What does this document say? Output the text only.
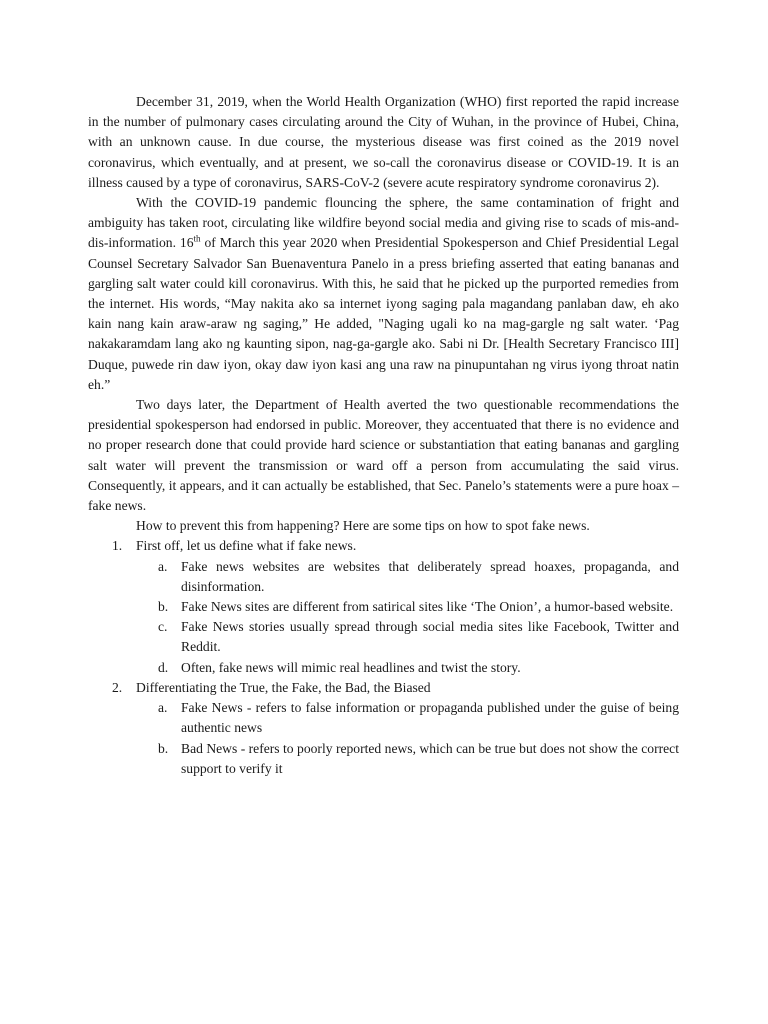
December 31, 2019, when the World Health Organization (WHO) first reported the rapid increase in the number of pulmonary cases circulating around the City of Wuhan, in the province of Hubei, China, with an unknown cause. In due course, the mysterious disease was first coined as the 2019 novel coronavirus, which eventually, and at present, we so-call the coronavirus disease or COVID-19. It is an illness caused by a type of coronavirus, SARS-CoV-2 (severe acute respiratory syndrome coronavirus 2).

With the COVID-19 pandemic flouncing the sphere, the same contamination of fright and ambiguity has taken root, circulating like wildfire beyond social media and giving rise to scads of mis-and-dis-information. 16th of March this year 2020 when Presidential Spokesperson and Chief Presidential Legal Counsel Secretary Salvador San Buenaventura Panelo in a press briefing asserted that eating bananas and gargling salt water could kill coronavirus. With this, he said that he picked up the purported remedies from the internet. His words, “May nakita ako sa internet iyong saging pala magandang panlaban daw, eh ako kain nang kain araw-araw ng saging,” He added, "Naging ugali ko na mag-gargle ng salt water. ‘Pag nakakaramdam lang ako ng kaunting sipon, nag-ga-gargle ako. Sabi ni Dr. [Health Secretary Francisco III] Duque, puwede rin daw iyon, okay daw iyon kasi ang una raw na pinupuntahan ng virus iyong throat natin eh.”

Two days later, the Department of Health averted the two questionable recommendations the presidential spokesperson had endorsed in public. Moreover, they accentuated that there is no evidence and no proper research done that could provide hard science or substantiation that eating bananas and gargling salt water will prevent the transmission or ward off a person from accumulating the said virus. Consequently, it appears, and it can actually be established, that Sec. Panelo’s statements were a pure hoax – fake news.

How to prevent this from happening? Here are some tips on how to spot fake news.

1. First off, let us define what if fake news.
a. Fake news websites are websites that deliberately spread hoaxes, propaganda, and disinformation.
b. Fake News sites are different from satirical sites like ‘The Onion’, a humor-based website.
c. Fake News stories usually spread through social media sites like Facebook, Twitter and Reddit.
d. Often, fake news will mimic real headlines and twist the story.
2. Differentiating the True, the Fake, the Bad, the Biased
a. Fake News - refers to false information or propaganda published under the guise of being authentic news
b. Bad News - refers to poorly reported news, which can be true but does not show the correct support to verify it
